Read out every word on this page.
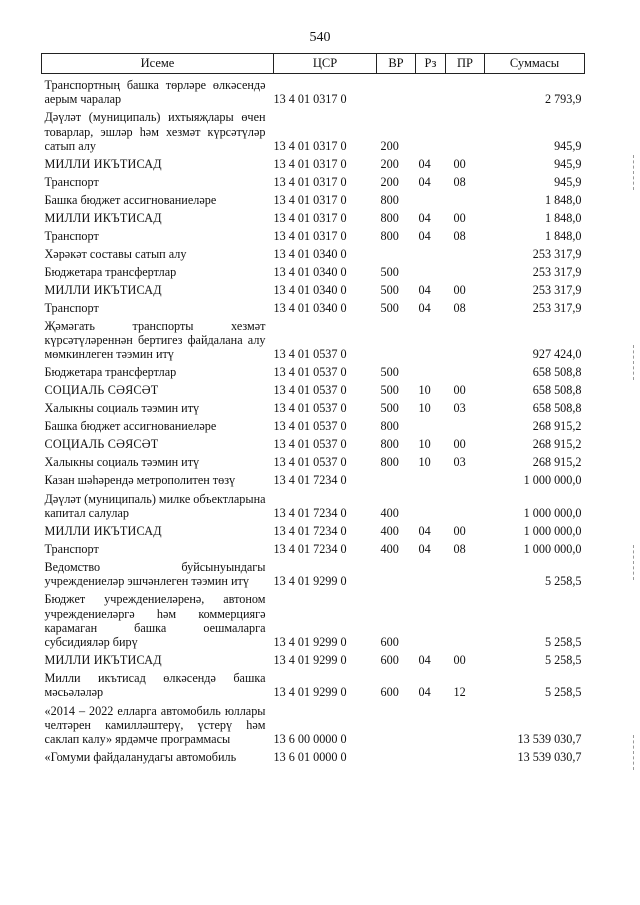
540
Исеме	ЦСР	ВР	Рз	ПР	Суммасы
Транспортның башка төрләре өлкәсендә аерым чаралар	13 4 01 0317 0				2 793,9
Дәүләт (муниципаль) ихтыяҗлары өчен товарлар, эшләр һәм хезмәт күрсәтүләр сатып алу	13 4 01 0317 0	200			945,9
МИЛЛИ ИКЪТИСАД	13 4 01 0317 0	200	04	00	945,9
Транспорт	13 4 01 0317 0	200	04	08	945,9
Башка бюджет ассигнованиеләре	13 4 01 0317 0	800			1 848,0
МИЛЛИ ИКЪТИСАД	13 4 01 0317 0	800	04	00	1 848,0
Транспорт	13 4 01 0317 0	800	04	08	1 848,0
Хәрәкәт составы сатып алу	13 4 01 0340 0				253 317,9
Бюджетара трансфертлар	13 4 01 0340 0	500			253 317,9
МИЛЛИ ИКЪТИСАД	13 4 01 0340 0	500	04	00	253 317,9
Транспорт	13 4 01 0340 0	500	04	08	253 317,9
Җәмәгать транспорты хезмәт күрсәтүләреннән бертигез файдалана алу мөмкинлеген тәэмин итү	13 4 01 0537 0				927 424,0
Бюджетара трансфертлар	13 4 01 0537 0	500			658 508,8
СОЦИАЛЬ СӘЯСӘТ	13 4 01 0537 0	500	10	00	658 508,8
Халыкны социаль тәэмин итү	13 4 01 0537 0	500	10	03	658 508,8
Башка бюджет ассигнованиеләре	13 4 01 0537 0	800			268 915,2
СОЦИАЛЬ СӘЯСӘТ	13 4 01 0537 0	800	10	00	268 915,2
Халыкны социаль тәэмин итү	13 4 01 0537 0	800	10	03	268 915,2
Казан шәһәрендә метрополитен төзү	13 4 01 7234 0				1 000 000,0
Дәүләт (муниципаль) милке объектларына капитал салулар	13 4 01 7234 0	400			1 000 000,0
МИЛЛИ ИКЪТИСАД	13 4 01 7234 0	400	04	00	1 000 000,0
Транспорт	13 4 01 7234 0	400	04	08	1 000 000,0
Ведомство буйсынуындагы учреждениеләр эшчәнлеген тәэмин итү	13 4 01 9299 0				5 258,5
Бюджет учреждениеләренә, автоном учреждениеләргә һәм коммерциягә карамаган башка оешмаларга субсидияләр бирү	13 4 01 9299 0	600			5 258,5
МИЛЛИ ИКЪТИСАД	13 4 01 9299 0	600	04	00	5 258,5
Милли икътисад өлкәсендә башка мәсьәләләр	13 4 01 9299 0	600	04	12	5 258,5
«2014 – 2022 елларга автомобиль юллары челтәрен камилләштерү, үстерү һәм саклап калу» ярдәмче программасы	13 6 00 0000 0				13 539 030,7
«Гомуми файдаланудагы автомобиль	13 6 01 0000 0				13 539 030,7
